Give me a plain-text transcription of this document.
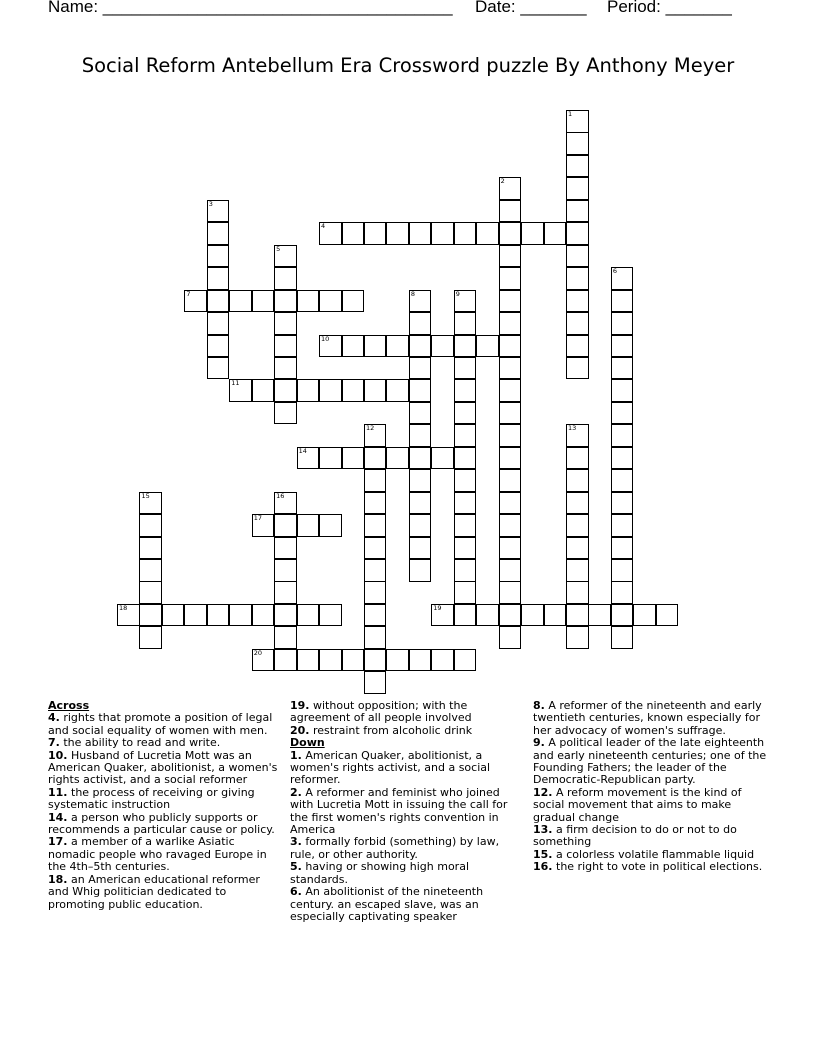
Name: _____________________________________ Date: _______ Period: _______
Social Reform Antebellum Era Crossword puzzle By Anthony Meyer
1
2
3
4
5
6
7	8	9
10
11
12	13
14
15	16
17
18	19
20
Across
4. rights that promote a position of legal and social equality of women with men.
7. the ability to read and write.
10. Husband of Lucretia Mott was an American Quaker, abolitionist, a women's rights activist, and a social reformer
11. the process of receiving or giving systematic instruction
14. a person who publicly supports or recommends a particular cause or policy.
17. a member of a warlike Asiatic nomadic people who ravaged Europe in the 4th–5th centuries.
18. an American educational reformer and Whig politician dedicated to promoting public education.
19. without opposition; with the agreement of all people involved
20. restraint from alcoholic drink
Down
1. American Quaker, abolitionist, a women's rights activist, and a social reformer.
2. A reformer and feminist who joined with Lucretia Mott in issuing the call for the first women's rights convention in America
3. formally forbid (something) by law, rule, or other authority.
5. having or showing high moral standards.
6. An abolitionist of the nineteenth century. an escaped slave, was an especially captivating speaker
8. A reformer of the nineteenth and early twentieth centuries, known especially for her advocacy of women's suffrage.
9. A political leader of the late eighteenth and early nineteenth centuries; one of the Founding Fathers; the leader of the Democratic-Republican party.
12. A reform movement is the kind of social movement that aims to make gradual change
13. a firm decision to do or not to do something
15. a colorless volatile flammable liquid
16. the right to vote in political elections.
